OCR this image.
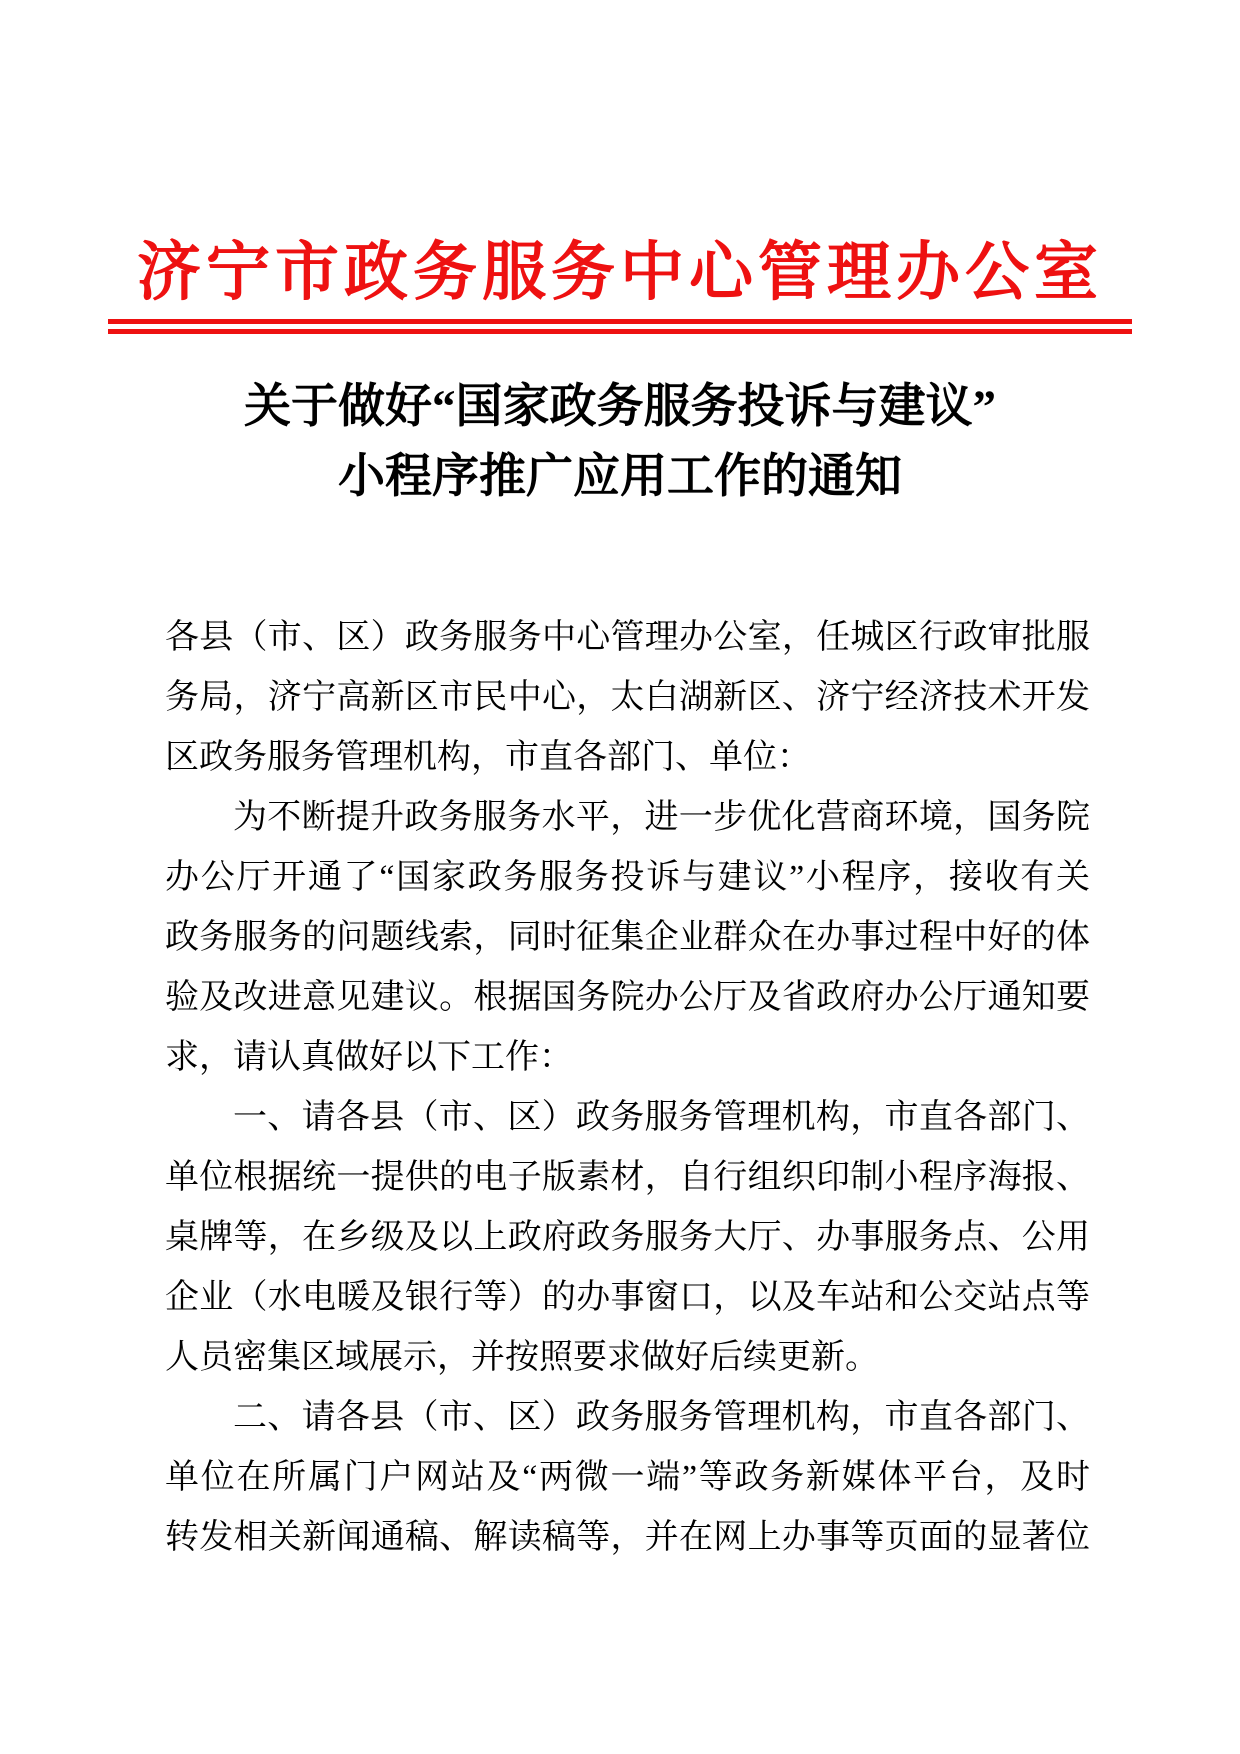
济宁市政务服务中心管理办公室
关于做好“国家政务服务投诉与建议”
小程序推广应用工作的通知
各县（市、区）政务服务中心管理办公室，任城区行政审批服
务局，济宁高新区市民中心，太白湖新区、济宁经济技术开发
区政务服务管理机构，市直各部门、单位：
为不断提升政务服务水平，进一步优化营商环境，国务院
办公厅开通了“国家政务服务投诉与建议”小程序，接收有关
政务服务的问题线索，同时征集企业群众在办事过程中好的体
验及改进意见建议。根据国务院办公厅及省政府办公厅通知要
求，请认真做好以下工作：
一、请各县（市、区）政务服务管理机构，市直各部门、
单位根据统一提供的电子版素材，自行组织印制小程序海报、
桌牌等，在乡级及以上政府政务服务大厅、办事服务点、公用
企业（水电暖及银行等）的办事窗口，以及车站和公交站点等
人员密集区域展示，并按照要求做好后续更新。
二、请各县（市、区）政务服务管理机构，市直各部门、
单位在所属门户网站及“两微一端”等政务新媒体平台，及时
转发相关新闻通稿、解读稿等，并在网上办事等页面的显著位
